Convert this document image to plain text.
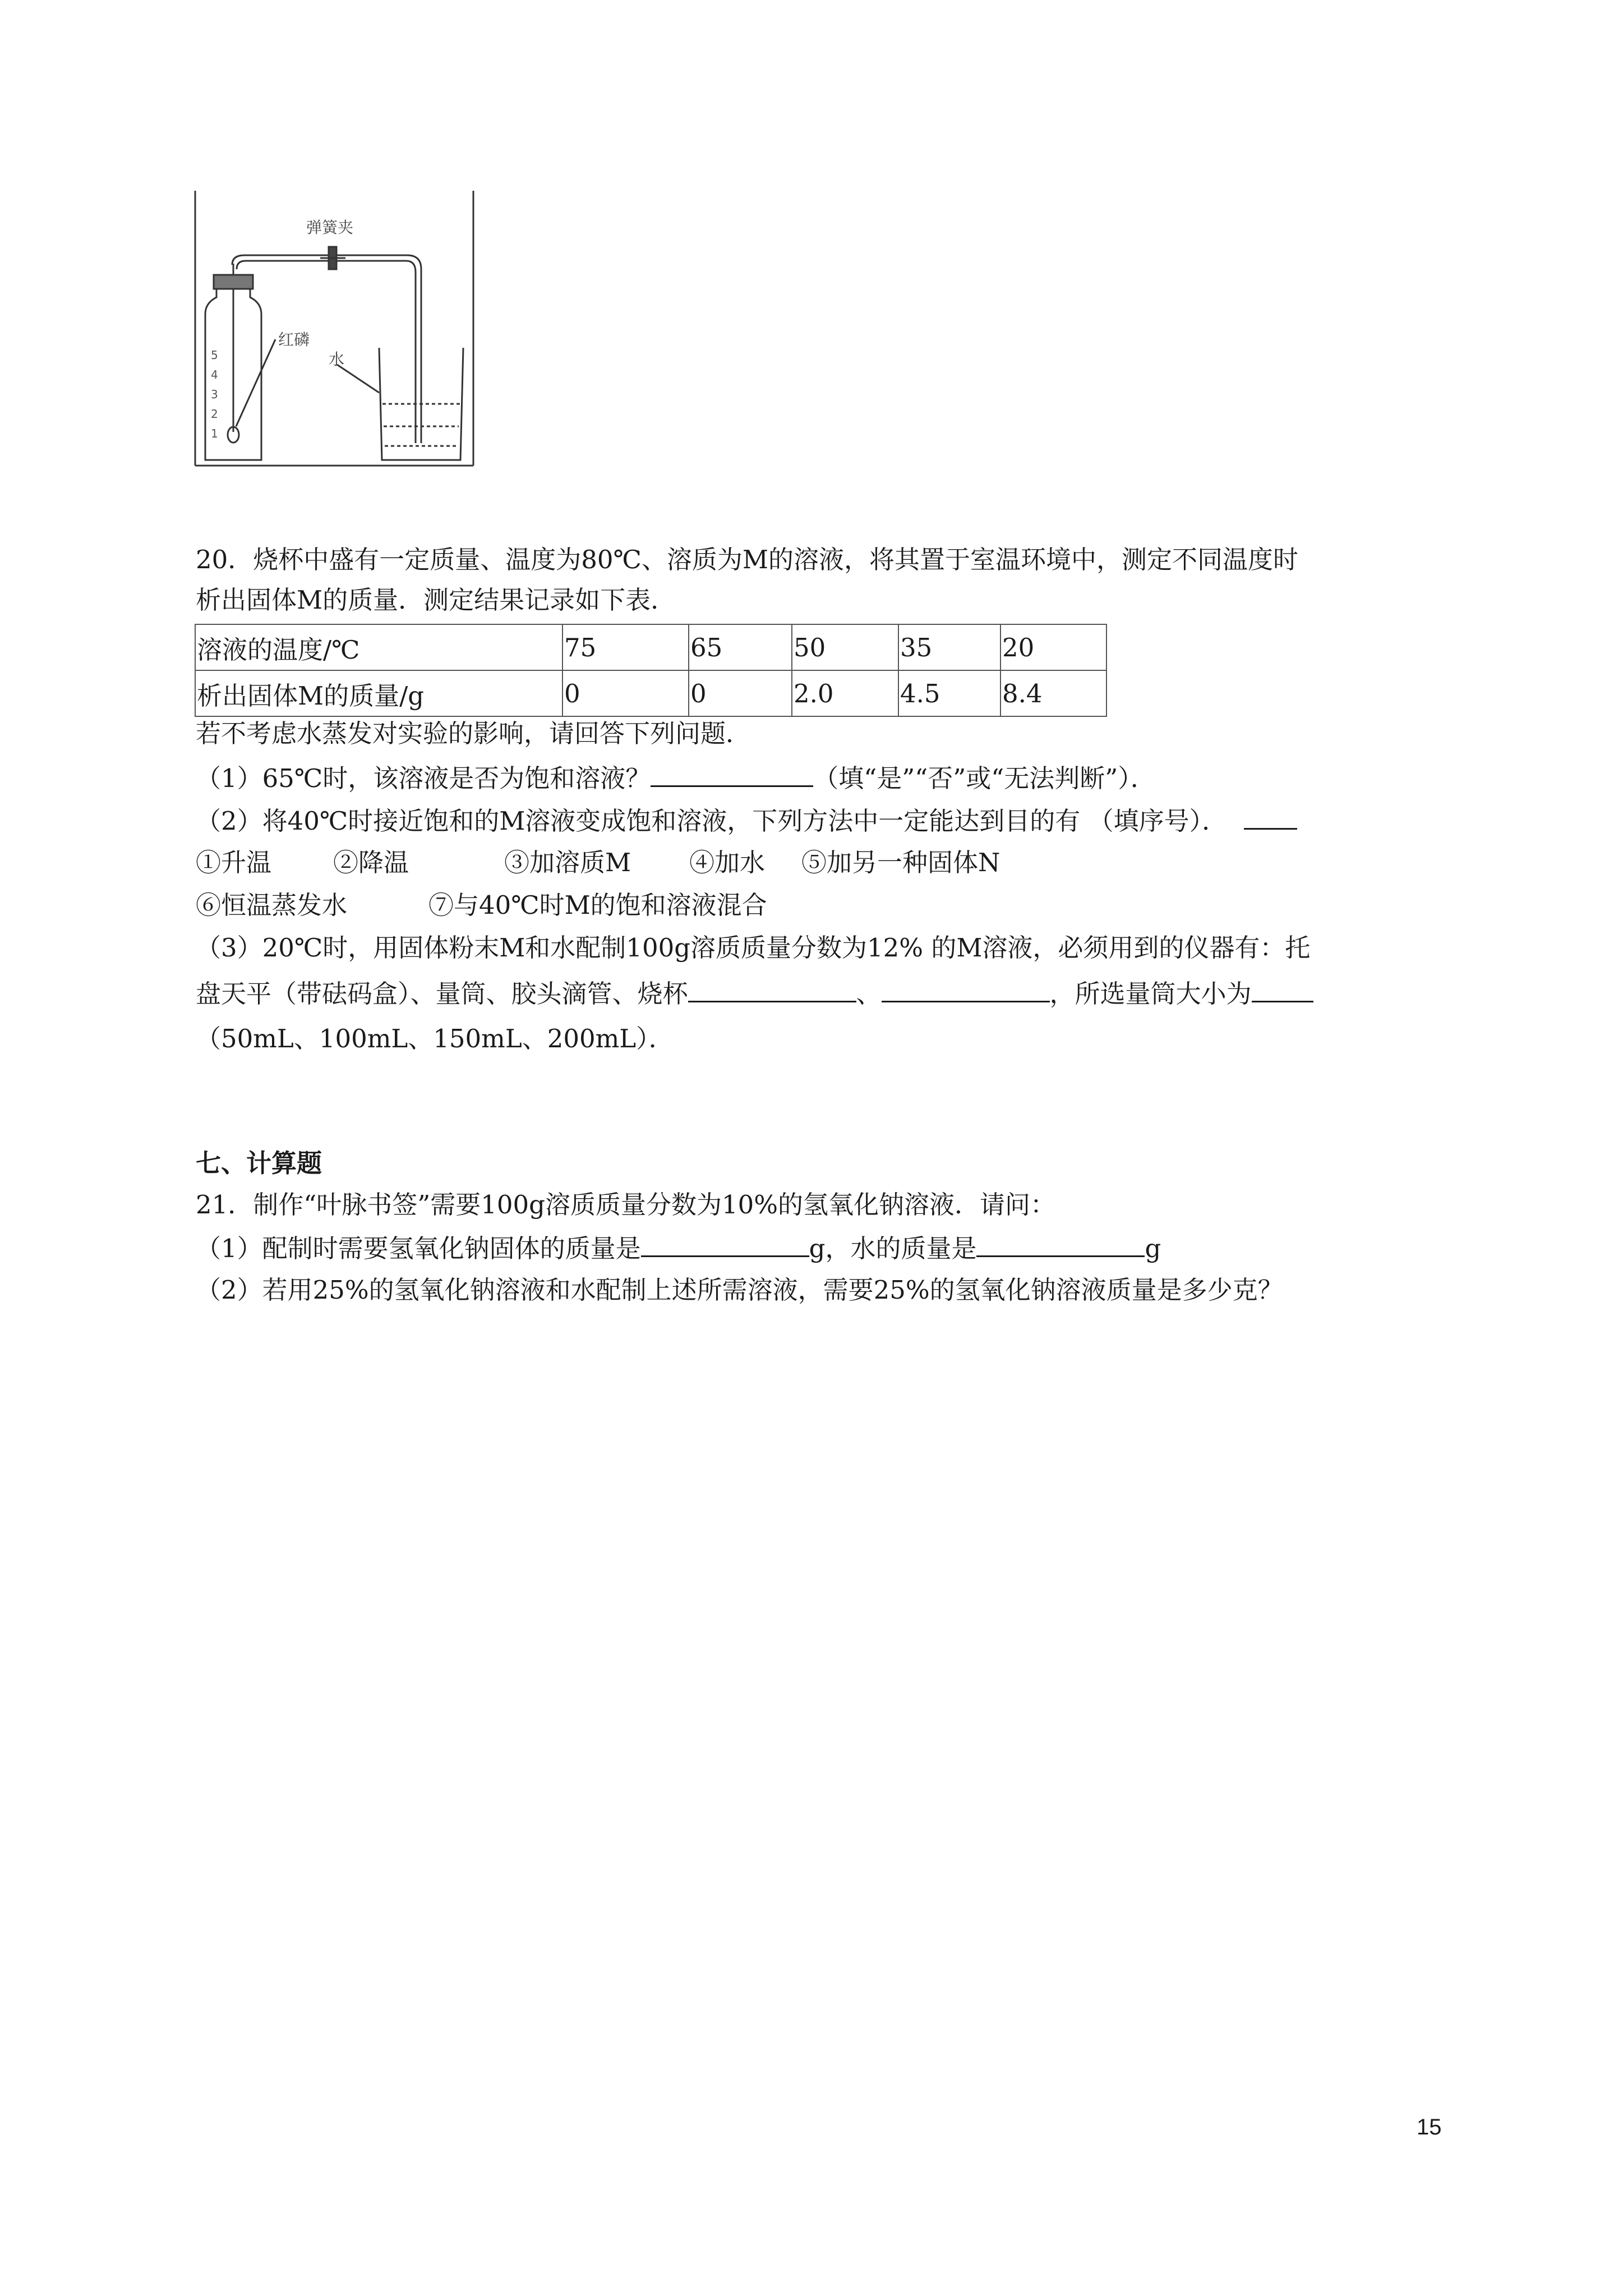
弹簧夹
红磷
水
5
4
3
2
1
20．烧杯中盛有一定质量、温度为80℃、溶质为M的溶液，将其置于室温环境中，测定不同温度时
析出固体M的质量．测定结果记录如下表．
溶液的温度/℃	75	65	50	35	20
析出固体M的质量/g	0	0	2.0	4.5	8.4
若不考虑水蒸发对实验的影响，请回答下列问题．
（1）65℃时，该溶液是否为饱和溶液？	（填“是”“否”或“无法判断”）．
（2）将40℃时接近饱和的M溶液变成饱和溶液，下列方法中一定能达到目的有 （填序号）．
①升温 ②降温	③加溶质M ④加水 ⑤加另一种固体N
⑥恒温蒸发水	⑦与40℃时M的饱和溶液混合
（3）20℃时，用固体粉末M和水配制100g溶质质量分数为12% 的M溶液，必须用到的仪器有：托
盘天平（带砝码盒）、量筒、胶头滴管、烧杯	、	，所选量筒大小为
（50mL、100mL、150mL、200mL）．
七、计算题
21．制作“叶脉书签”需要100g溶质质量分数为10%的氢氧化钠溶液．请问：
（1）配制时需要氢氧化钠固体的质量是	g，水的质量是	g
（2）若用25%的氢氧化钠溶液和水配制上述所需溶液，需要25%的氢氧化钠溶液质量是多少克？
15
